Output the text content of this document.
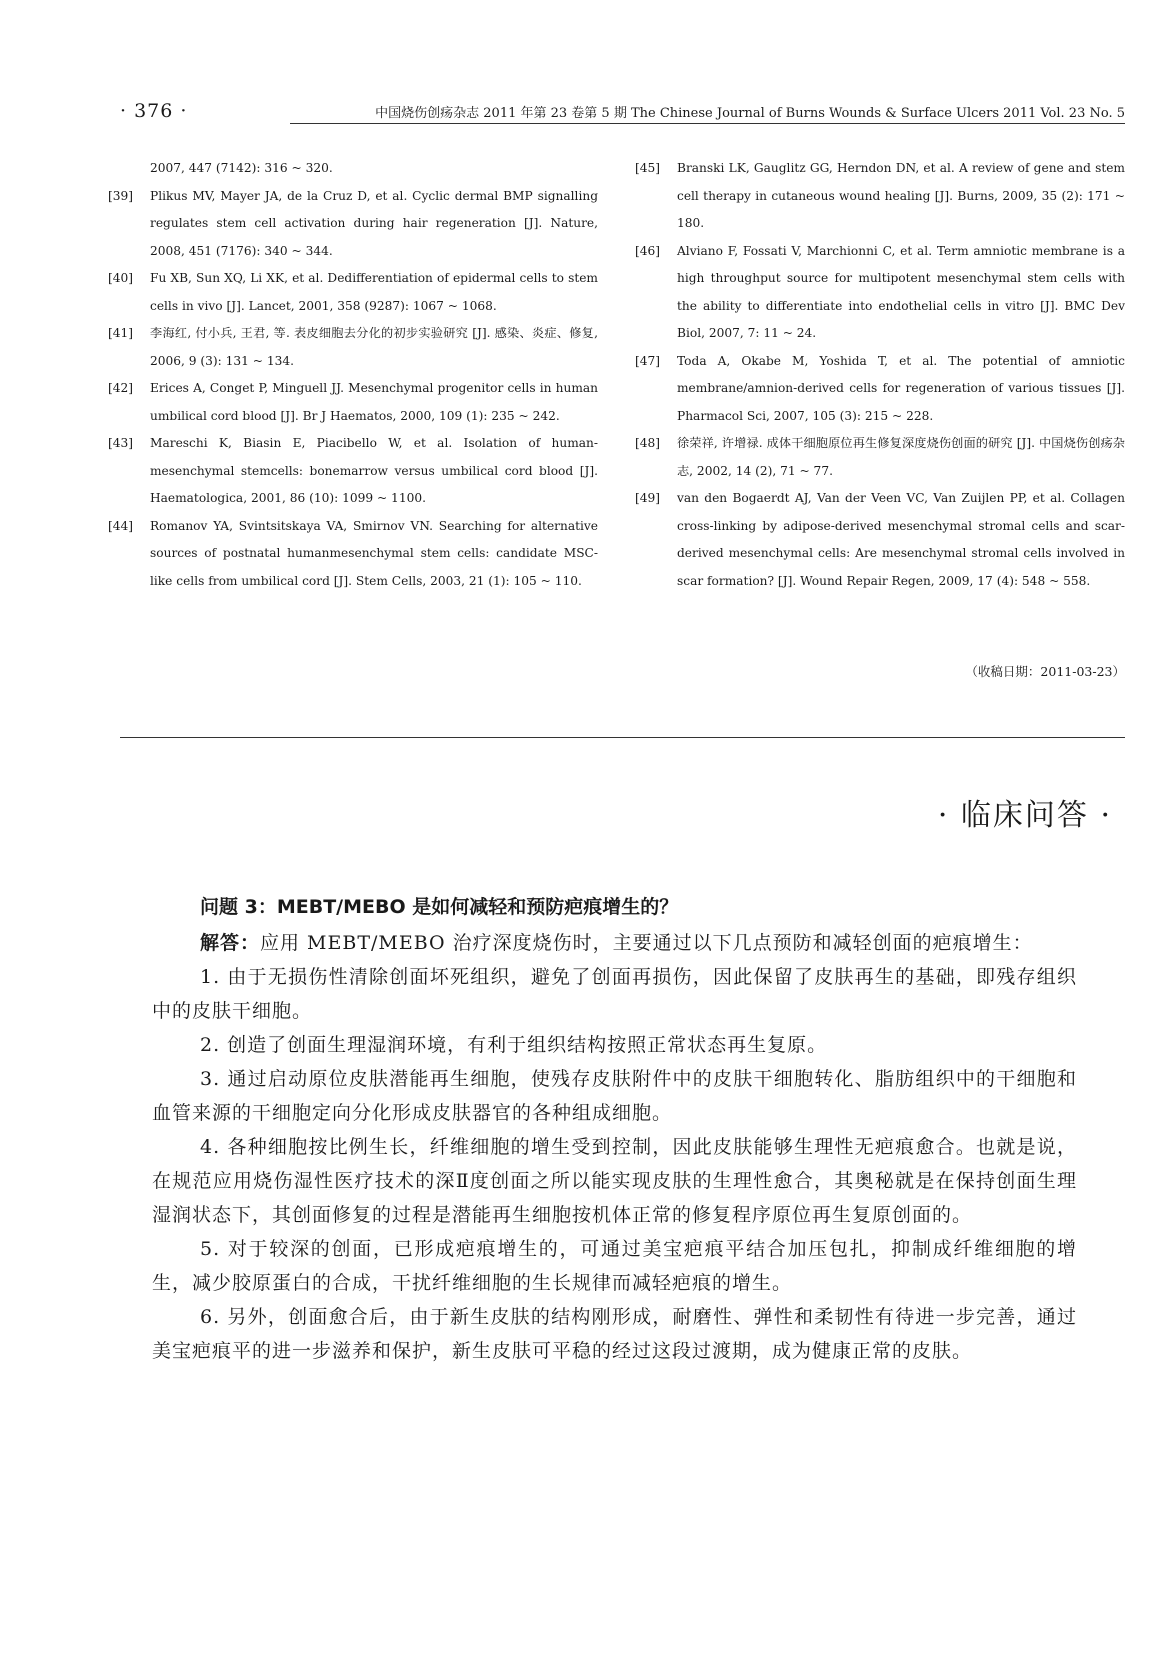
· 376 ·	中国烧伤创疡杂志 2011 年第 23 卷第 5 期 The Chinese Journal of Burns Wounds & Surface Ulcers 2011 Vol. 23 No. 5
2007, 447 (7142): 316 ~ 320.
[39]	Plikus MV, Mayer JA, de la Cruz D, et al. Cyclic dermal BMP signalling regulates stem cell activation during hair regeneration [J]. Nature, 2008, 451 (7176): 340 ~ 344.
[40]	Fu XB, Sun XQ, Li XK, et al. Dedifferentiation of epidermal cells to stem cells in vivo [J]. Lancet, 2001, 358 (9287): 1067 ~ 1068.
[41]	李海红, 付小兵, 王君, 等. 表皮细胞去分化的初步实验研究 [J]. 感染、炎症、修复, 2006, 9 (3): 131 ~ 134.
[42]	Erices A, Conget P, Minguell JJ. Mesenchymal progenitor cells in human umbilical cord blood [J]. Br J Haematos, 2000, 109 (1): 235 ~ 242.
[43]	Mareschi K, Biasin E, Piacibello W, et al. Isolation of human-mesenchymal stemcells: bonemarrow versus umbilical cord blood [J]. Haematologica, 2001, 86 (10): 1099 ~ 1100.
[44]	Romanov YA, Svintsitskaya VA, Smirnov VN. Searching for alternative sources of postnatal humanmesenchymal stem cells: candidate MSC-like cells from umbilical cord [J]. Stem Cells, 2003, 21 (1): 105 ~ 110.
[45]	Branski LK, Gauglitz GG, Herndon DN, et al. A review of gene and stem cell therapy in cutaneous wound healing [J]. Burns, 2009, 35 (2): 171 ~ 180.
[46]	Alviano F, Fossati V, Marchionni C, et al. Term amniotic membrane is a high throughput source for multipotent mesenchymal stem cells with the ability to differentiate into endothelial cells in vitro [J]. BMC Dev Biol, 2007, 7: 11 ~ 24.
[47]	Toda A, Okabe M, Yoshida T, et al. The potential of amniotic membrane/amnion-derived cells for regeneration of various tissues [J]. Pharmacol Sci, 2007, 105 (3): 215 ~ 228.
[48]	徐荣祥, 许增禄. 成体干细胞原位再生修复深度烧伤创面的研究 [J]. 中国烧伤创疡杂志, 2002, 14 (2), 71 ~ 77.
[49]	van den Bogaerdt AJ, Van der Veen VC, Van Zuijlen PP, et al. Collagen cross-linking by adipose-derived mesenchymal stromal cells and scar-derived mesenchymal cells: Are mesenchymal stromal cells involved in scar formation? [J]. Wound Repair Regen, 2009, 17 (4): 548 ~ 558.
（收稿日期：2011-03-23）
· 临床问答 ·
问题 3：MEBT/MEBO 是如何减轻和预防疤痕增生的？

解答：应用 MEBT/MEBO 治疗深度烧伤时，主要通过以下几点预防和减轻创面的疤痕增生：

1. 由于无损伤性清除创面坏死组织，避免了创面再损伤，因此保留了皮肤再生的基础，即残存组织中的皮肤干细胞。

2. 创造了创面生理湿润环境，有利于组织结构按照正常状态再生复原。

3. 通过启动原位皮肤潜能再生细胞，使残存皮肤附件中的皮肤干细胞转化、脂肪组织中的干细胞和血管来源的干细胞定向分化形成皮肤器官的各种组成细胞。

4. 各种细胞按比例生长，纤维细胞的增生受到控制，因此皮肤能够生理性无疤痕愈合。也就是说，在规范应用烧伤湿性医疗技术的深Ⅱ度创面之所以能实现皮肤的生理性愈合，其奥秘就是在保持创面生理湿润状态下，其创面修复的过程是潜能再生细胞按机体正常的修复程序原位再生复原创面的。

5. 对于较深的创面，已形成疤痕增生的，可通过美宝疤痕平结合加压包扎，抑制成纤维细胞的增生，减少胶原蛋白的合成，干扰纤维细胞的生长规律而减轻疤痕的增生。

6. 另外，创面愈合后，由于新生皮肤的结构刚形成，耐磨性、弹性和柔韧性有待进一步完善，通过美宝疤痕平的进一步滋养和保护，新生皮肤可平稳的经过这段过渡期，成为健康正常的皮肤。
